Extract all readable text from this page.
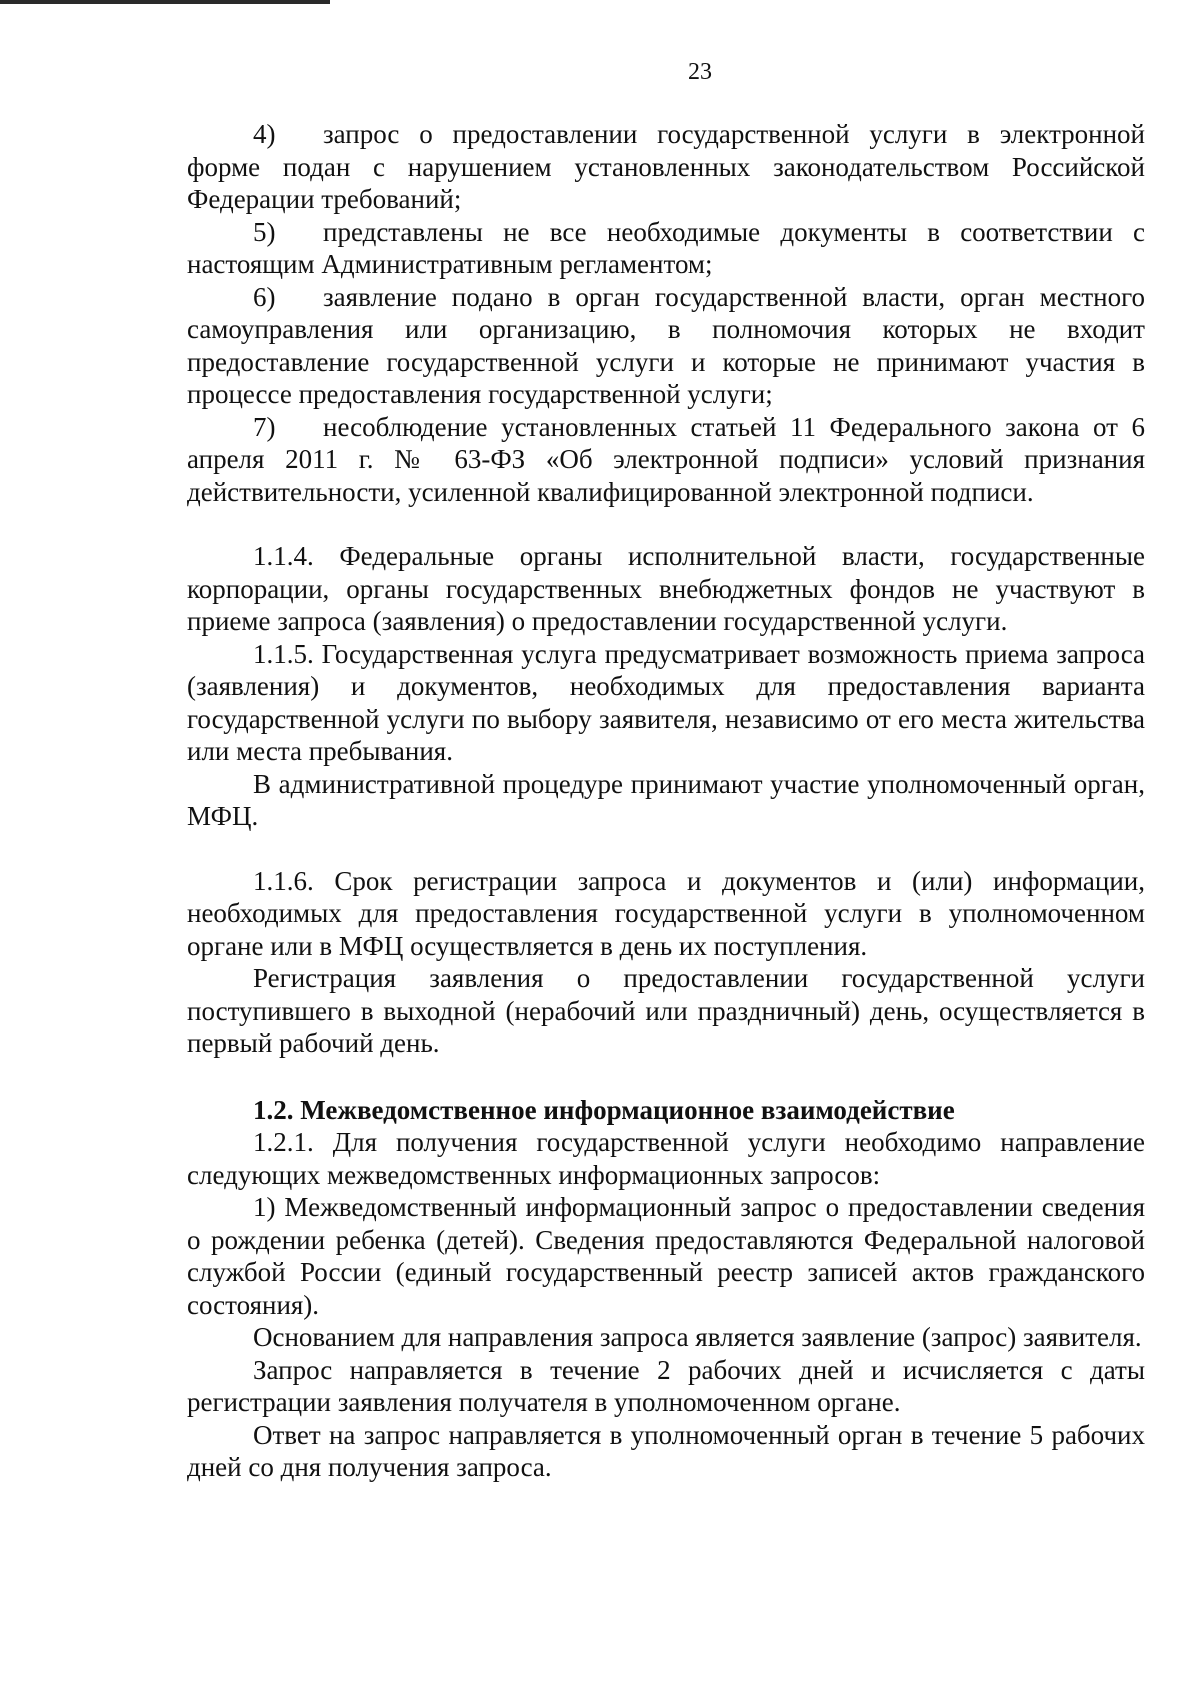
23

4) запрос о предоставлении государственной услуги в электронной форме подан с нарушением установленных законодательством Российской Федерации требований;

5) представлены не все необходимые документы в соответствии с настоящим Административным регламентом;

6) заявление подано в орган государственной власти, орган местного самоуправления или организацию, в полномочия которых не входит предоставление государственной услуги и которые не принимают участия в процессе предоставления государственной услуги;

7) несоблюдение установленных статьей 11 Федерального закона от 6 апреля 2011 г. № 63-ФЗ «Об электронной подписи» условий признания действительности, усиленной квалифицированной электронной подписи.

1.1.4. Федеральные органы исполнительной власти, государственные корпорации, органы государственных внебюджетных фондов не участвуют в приеме запроса (заявления) о предоставлении государственной услуги.

1.1.5. Государственная услуга предусматривает возможность приема запроса (заявления) и документов, необходимых для предоставления варианта государственной услуги по выбору заявителя, независимо от его места жительства или места пребывания.

В административной процедуре принимают участие уполномоченный орган, МФЦ.

1.1.6. Срок регистрации запроса и документов и (или) информации, необходимых для предоставления государственной услуги в уполномоченном органе или в МФЦ осуществляется в день их поступления.

Регистрация заявления о предоставлении государственной услуги поступившего в выходной (нерабочий или праздничный) день, осуществляется в первый рабочий день.

1.2. Межведомственное информационное взаимодействие

1.2.1. Для получения государственной услуги необходимо направление следующих межведомственных информационных запросов:

1) Межведомственный информационный запрос о предоставлении сведения о рождении ребенка (детей). Сведения предоставляются Федеральной налоговой службой России (единый государственный реестр записей актов гражданского состояния).

Основанием для направления запроса является заявление (запрос) заявителя.

Запрос направляется в течение 2 рабочих дней и исчисляется с даты регистрации заявления получателя в уполномоченном органе.

Ответ на запрос направляется в уполномоченный орган в течение 5 рабочих дней со дня получения запроса.
